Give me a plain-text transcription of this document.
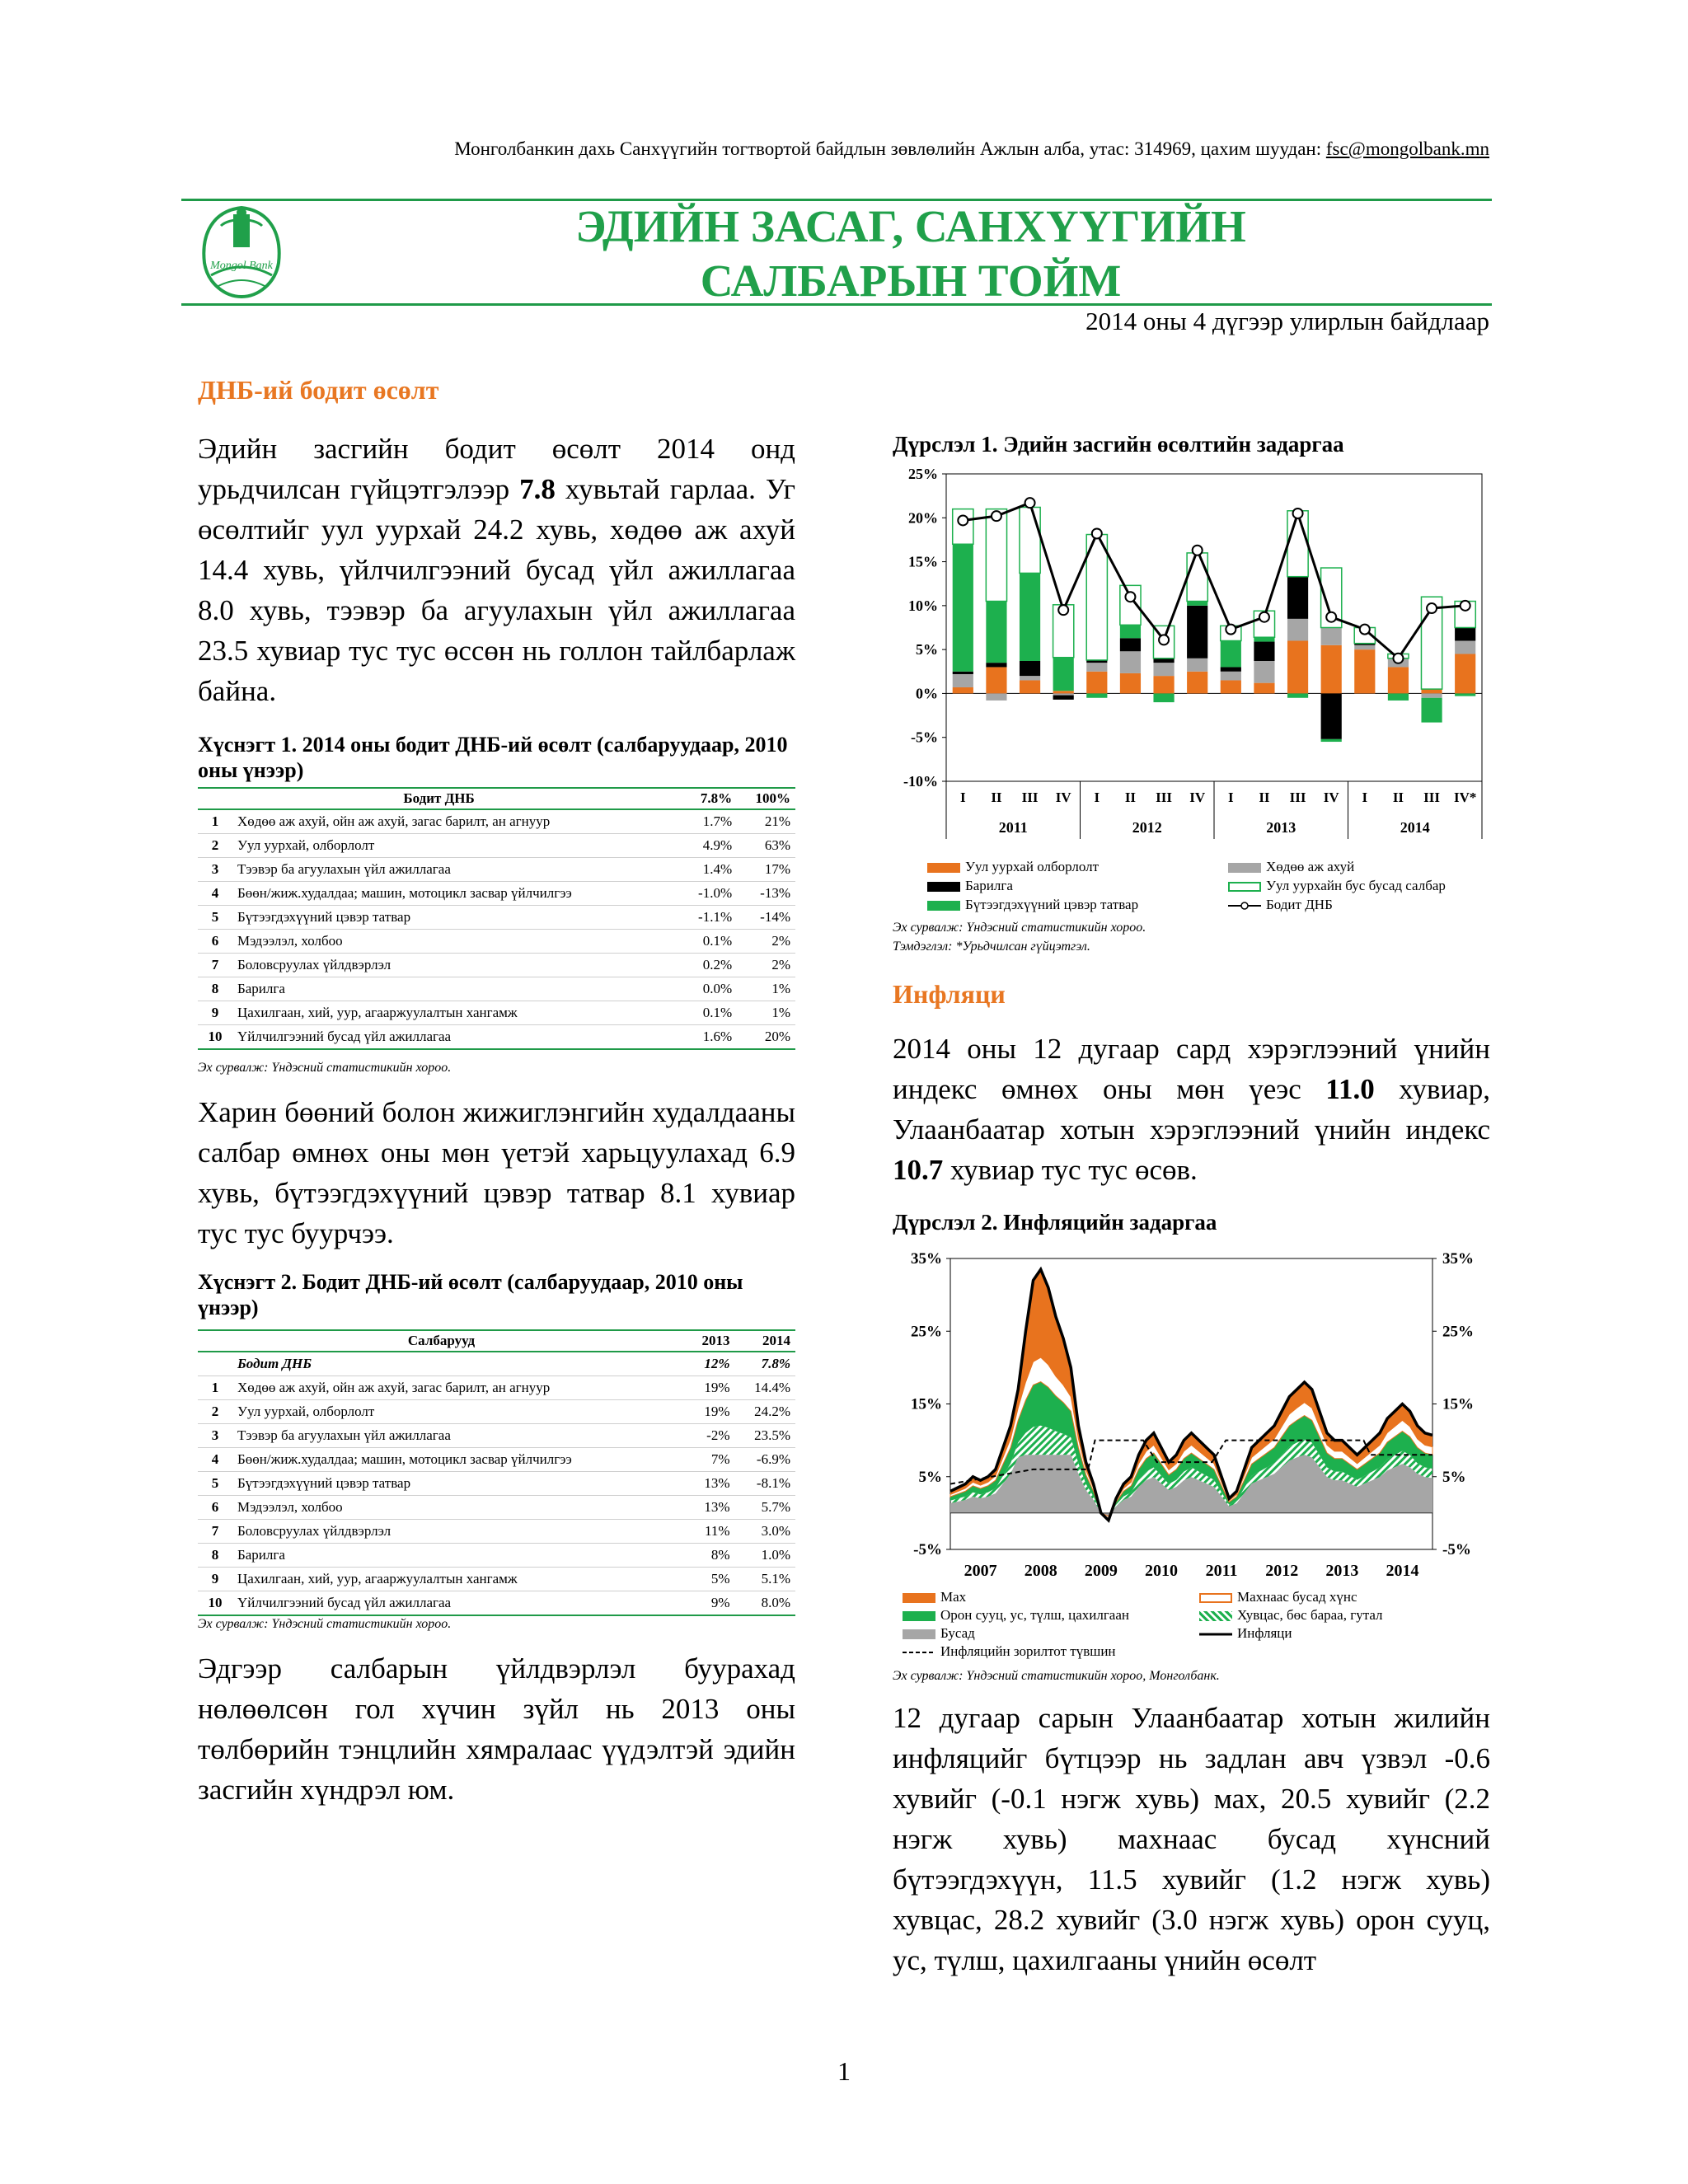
Монголбанкин дахь Санхүүгийн тогтвортой байдлын зөвлөлийн Ажлын алба, утас: 314969, цахим шуудан: fsc@mongolbank.mn
Mongol Bank
ЭДИЙН ЗАСАГ, САНХҮҮГИЙН
САЛБАРЫН ТОЙМ
2014 оны 4 дүгээр улирлын байдлаар
ДНБ-ий бодит өсөлт
Эдийн засгийн бодит өсөлт 2014 онд урьдчилсан гүйцэтгэлээр 7.8 хувьтай гарлаа. Уг өсөлтийг уул уурхай 24.2 хувь, хөдөө аж ахуй 14.4 хувь, үйлчилгээний бусад үйл ажиллагаа 8.0 хувь, тээвэр ба агуулахын үйл ажиллагаа 23.5 хувиар тус тус өссөн нь голлон тайлбарлаж байна.
Хүснэгт 1. 2014 оны бодит ДНБ-ий өсөлт (салбаруудаар, 2010 оны үнээр)
Бодит ДНБ		7.8%	100%
1	Хөдөө аж ахуй, ойн аж ахуй, загас барилт, ан агнуур	1.7%	21%
2	Уул уурхай, олборлолт	4.9%	63%
3	Тээвэр ба агуулахын үйл ажиллагаа	1.4%	17%
4	Бөөн/жиж.худалдаа; машин, мотоцикл засвар үйлчилгээ	-1.0%	-13%
5	Бүтээгдэхүүний цэвэр татвар	-1.1%	-14%
6	Мэдээлэл, холбоо	0.1%	2%
7	Боловсруулах үйлдвэрлэл	0.2%	2%
8	Барилга	0.0%	1%
9	Цахилгаан, хий, уур, агааржуулалтын хангамж	0.1%	1%
10	Үйлчилгээний бусад үйл ажиллагаа	1.6%	20%
Эх сурвалж: Үндэсний статистикийн хороо.
Харин бөөний болон жижиглэнгийн худалдааны салбар өмнөх оны мөн үетэй харьцуулахад 6.9 хувь, бүтээгдэхүүний цэвэр татвар 8.1 хувиар тус тус буурчээ.
Хүснэгт 2. Бодит ДНБ-ий өсөлт (салбаруудаар, 2010 оны үнээр)
Салбарууд		2013	2014
	Бодит ДНБ	12%	7.8%
1	Хөдөө аж ахуй, ойн аж ахуй, загас барилт, ан агнуур	19%	14.4%
2	Уул уурхай, олборлолт	19%	24.2%
3	Тээвэр ба агуулахын үйл ажиллагаа	-2%	23.5%
4	Бөөн/жиж.худалдаа; машин, мотоцикл засвар үйлчилгээ	7%	-6.9%
5	Бүтээгдэхүүний цэвэр татвар	13%	-8.1%
6	Мэдээлэл, холбоо	13%	5.7%
7	Боловсруулах үйлдвэрлэл	11%	3.0%
8	Барилга	8%	1.0%
9	Цахилгаан, хий, уур, агааржуулалтын хангамж	5%	5.1%
10	Үйлчилгээний бусад үйл ажиллагаа	9%	8.0%
Эх сурвалж: Үндэсний статистикийн хороо.
Эдгээр салбарын үйлдвэрлэл буурахад нөлөөлсөн гол хүчин зүйл нь 2013 оны төлбөрийн тэнцлийн хямралаас үүдэлтэй эдийн засгийн хүндрэл юм.
Дүрслэл 1. Эдийн засгийн өсөлтийн задаргаа
25%
20%
15%
10%
5%
0%
-5%
-10%
I II III IV I II III IV I II III IV I II III IV*
2011	2012	2013	2014
Уул уурхай олборлолт	Хөдөө аж ахуй
Барилга	Уул уурхайн бус бусад салбар
Бүтээгдэхүүний цэвэр татвар	Бодит ДНБ
Эх сурвалж: Үндэсний статистикийн хороо.
Тэмдэглэл: *Урьдчилсан гүйцэтгэл.
Инфляци
2014 оны 12 дугаар сард хэрэглээний үнийн индекс өмнөх оны мөн үеэс 11.0 хувиар, Улаанбаатар хотын хэрэглээний үнийн индекс 10.7 хувиар тус тус өсөв.
Дүрслэл 2. Инфляцийн задаргаа
35%	35%
25%	25%
15%	15%
5%	5%
-5%	-5%
2007 2008 2009 2010 2011 2012 2013 2014
Мах	Махнаас бусад хүнс
Орон сууц, ус, түлш, цахилгаан	Хувцас, бөс бараа, гутал
Бусад	Инфляци
Инфляцийн зорилтот түвшин
Эх сурвалж: Үндэсний статистикийн хороо, Монголбанк.
12 дугаар сарын Улаанбаатар хотын жилийн инфляцийг бүтцээр нь задлан авч үзвэл -0.6 хувийг (-0.1 нэгж хувь) мах, 20.5 хувийг (2.2 нэгж хувь) махнаас бусад хүнсний бүтээгдэхүүн, 11.5 хувийг (1.2 нэгж хувь) хувцас, 28.2 хувийг (3.0 нэгж хувь) орон сууц, ус, түлш, цахилгааны үнийн өсөлт
1
